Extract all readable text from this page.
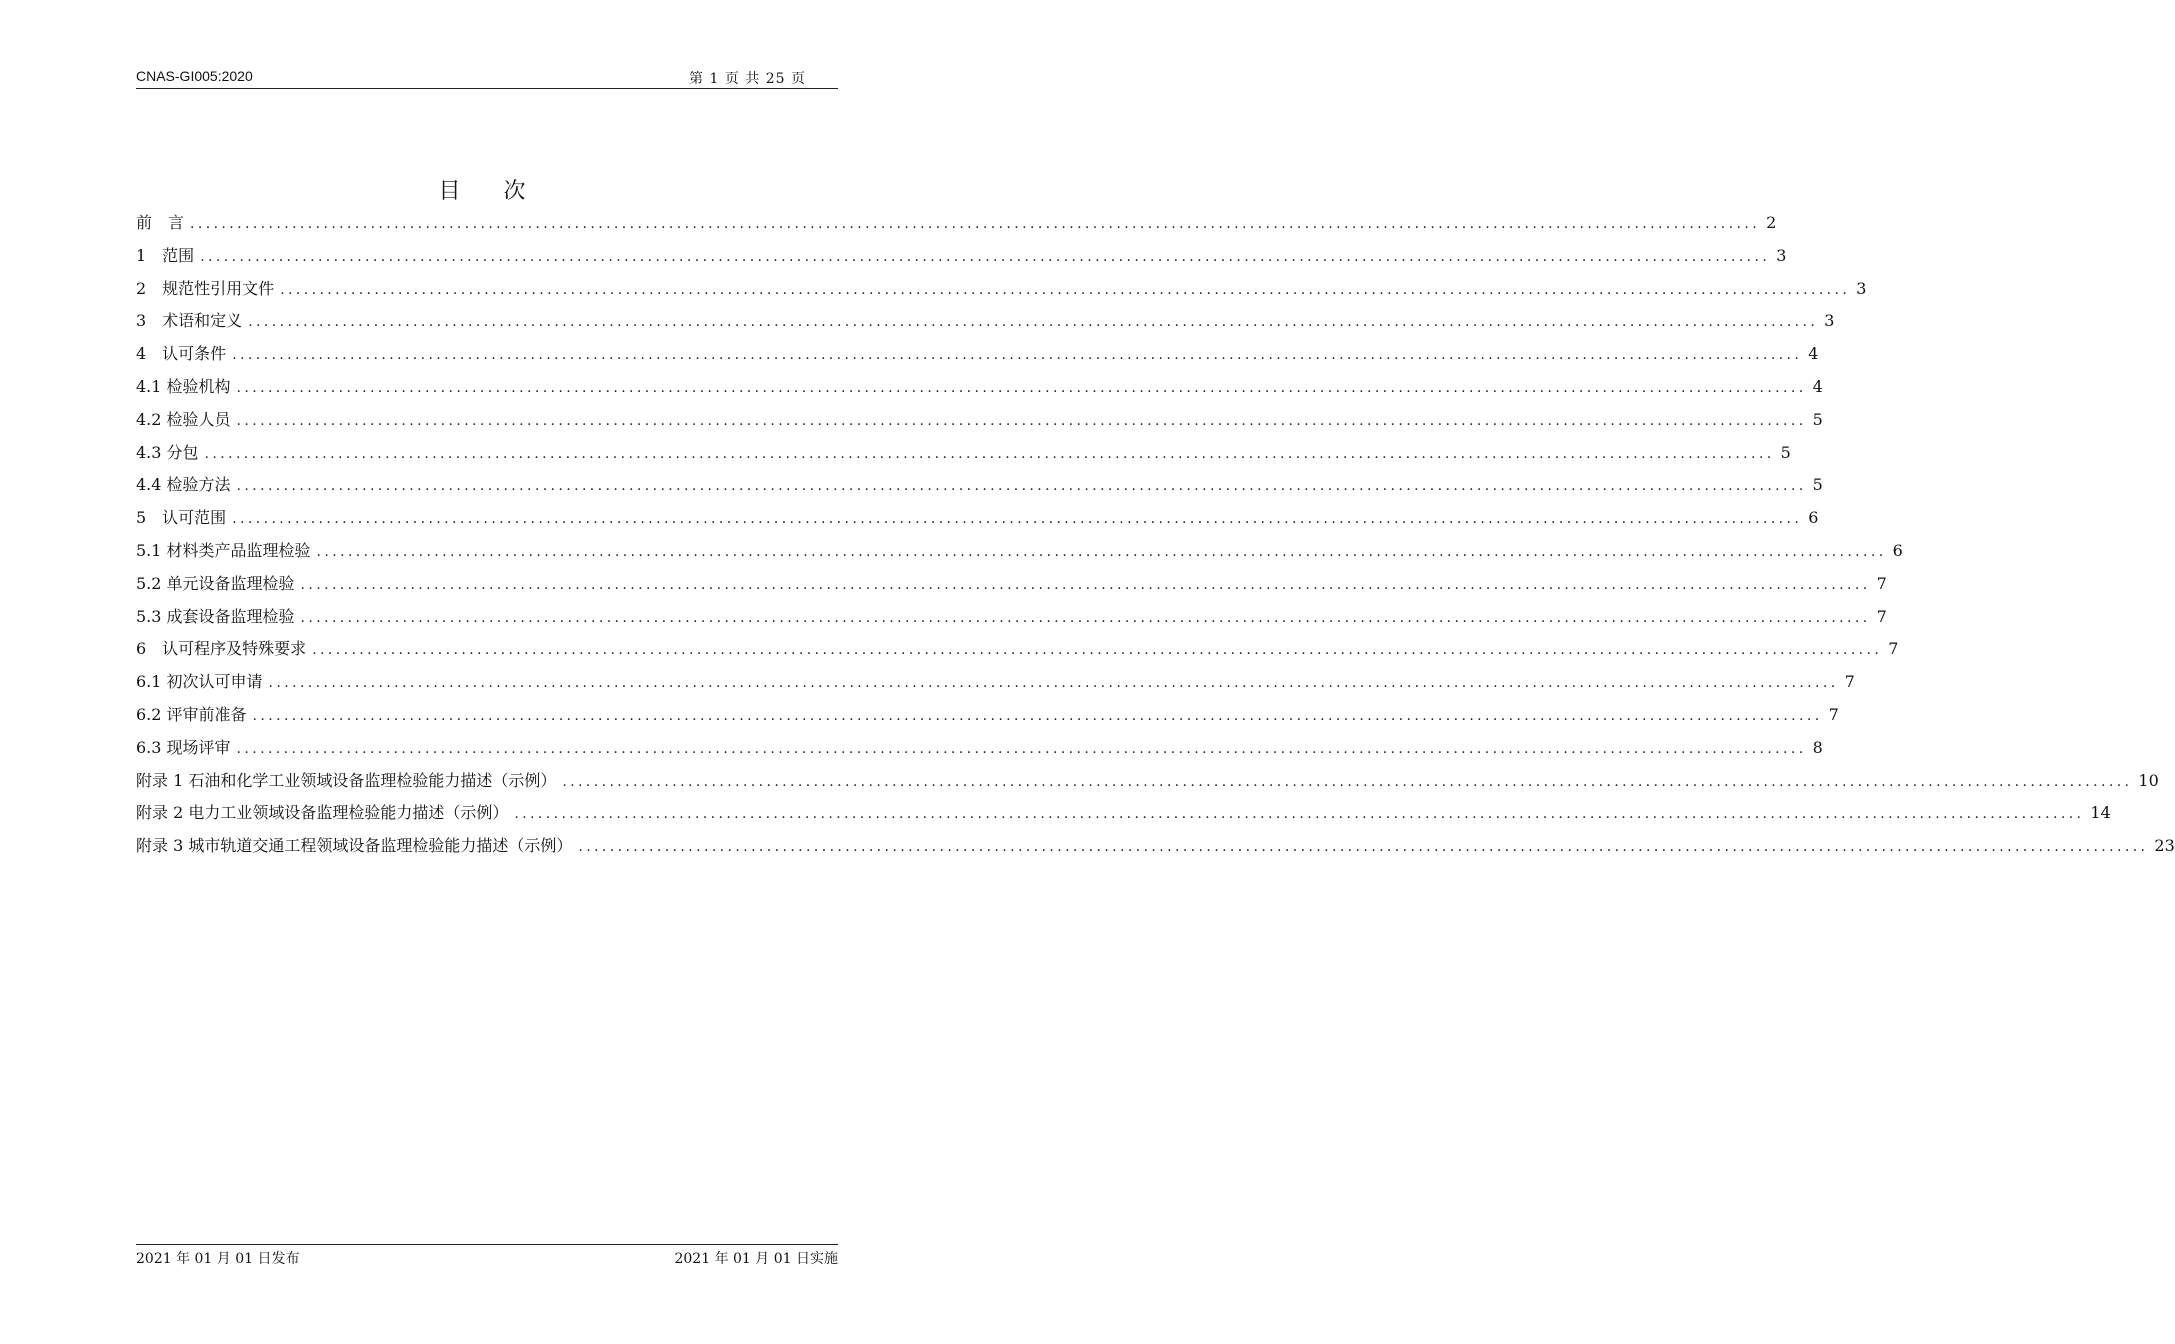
CNAS-GI005:2020	第 1 页 共 25 页
目 次
前　言 ........................................................................................................................................................................................................ 2
1　范围 ........................................................................................................................................................................................................ 3
2　规范性引用文件 ........................................................................................................................................................................................................ 3
3　术语和定义 ........................................................................................................................................................................................................ 3
4　认可条件 ........................................................................................................................................................................................................ 4
4.1 检验机构 ........................................................................................................................................................................................................ 4
4.2 检验人员 ........................................................................................................................................................................................................ 5
4.3 分包 ........................................................................................................................................................................................................ 5
4.4 检验方法 ........................................................................................................................................................................................................ 5
5　认可范围 ........................................................................................................................................................................................................ 6
5.1 材料类产品监理检验 ........................................................................................................................................................................................................ 6
5.2 单元设备监理检验 ........................................................................................................................................................................................................ 7
5.3 成套设备监理检验 ........................................................................................................................................................................................................ 7
6　认可程序及特殊要求 ........................................................................................................................................................................................................ 7
6.1 初次认可申请 ........................................................................................................................................................................................................ 7
6.2 评审前准备 ........................................................................................................................................................................................................ 7
6.3 现场评审 ........................................................................................................................................................................................................ 8
附录 1 石油和化学工业领域设备监理检验能力描述（示例） ........................................................................................................................................................................................................ 10
附录 2 电力工业领域设备监理检验能力描述（示例） ........................................................................................................................................................................................................ 14
附录 3 城市轨道交通工程领域设备监理检验能力描述（示例） ........................................................................................................................................................................................................ 23
2021 年 01 月 01 日发布	2021 年 01 月 01 日实施
